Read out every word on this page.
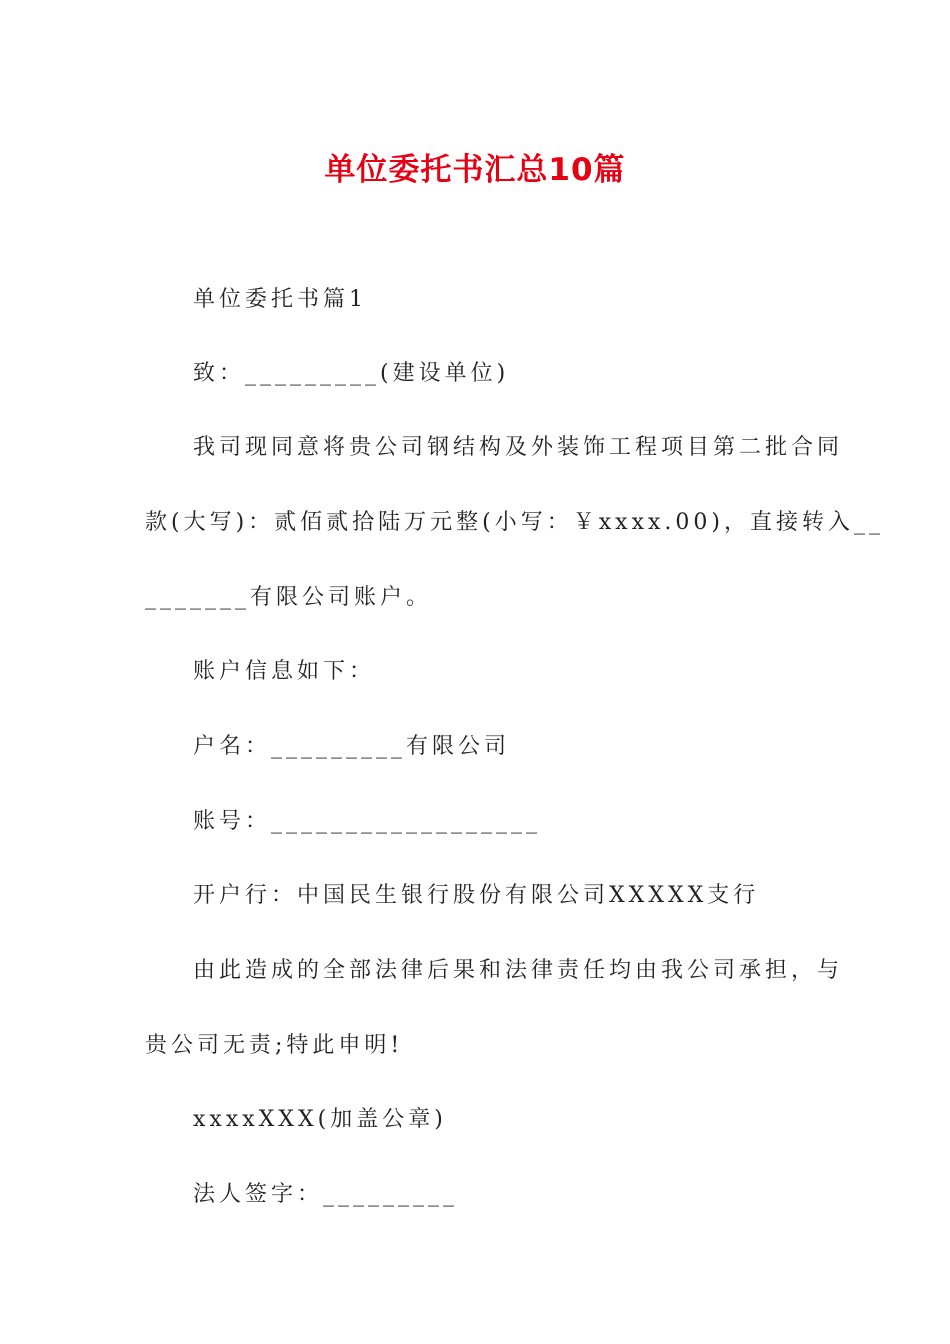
单位委托书汇总10篇

单位委托书篇1

致：_________(建设单位)

我司现同意将贵公司钢结构及外装饰工程项目第二批合同

款(大写)：贰佰贰拾陆万元整(小写：￥xxxx.00)，直接转入__

_______有限公司账户。

账户信息如下：

户名：_________有限公司

账号：__________________

开户行：中国民生银行股份有限公司XXXXX支行

由此造成的全部法律后果和法律责任均由我公司承担，与

贵公司无责;特此申明!

xxxxXXX(加盖公章)

法人签字：_________
